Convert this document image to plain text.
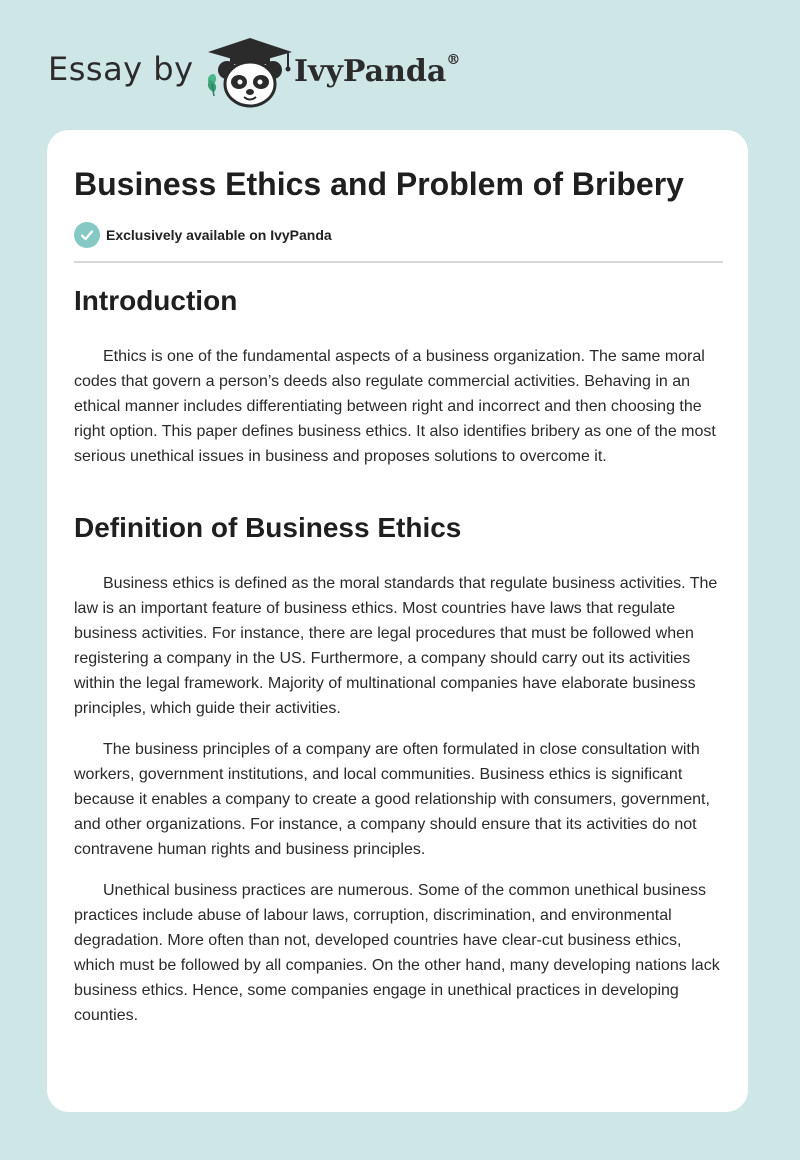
Essay by	IvyPanda®
Business Ethics and Problem of Bribery
Exclusively available on IvyPanda
Introduction

Ethics is one of the fundamental aspects of a business organization. The same moral codes that govern a person’s deeds also regulate commercial activities. Behaving in an ethical manner includes differentiating between right and incorrect and then choosing the right option. This paper defines business ethics. It also identifies bribery as one of the most serious unethical issues in business and proposes solutions to overcome it.

Definition of Business Ethics

Business ethics is defined as the moral standards that regulate business activities. The law is an important feature of business ethics. Most countries have laws that regulate business activities. For instance, there are legal procedures that must be followed when registering a company in the US. Furthermore, a company should carry out its activities within the legal framework. Majority of multinational companies have elaborate business principles, which guide their activities.

The business principles of a company are often formulated in close consultation with workers, government institutions, and local communities. Business ethics is significant because it enables a company to create a good relationship with consumers, government, and other organizations. For instance, a company should ensure that its activities do not contravene human rights and business principles.

Unethical business practices are numerous. Some of the common unethical business practices include abuse of labour laws, corruption, discrimination, and environmental degradation. More often than not, developed countries have clear-cut business ethics, which must be followed by all companies. On the other hand, many developing nations lack business ethics. Hence, some companies engage in unethical practices in developing counties.
